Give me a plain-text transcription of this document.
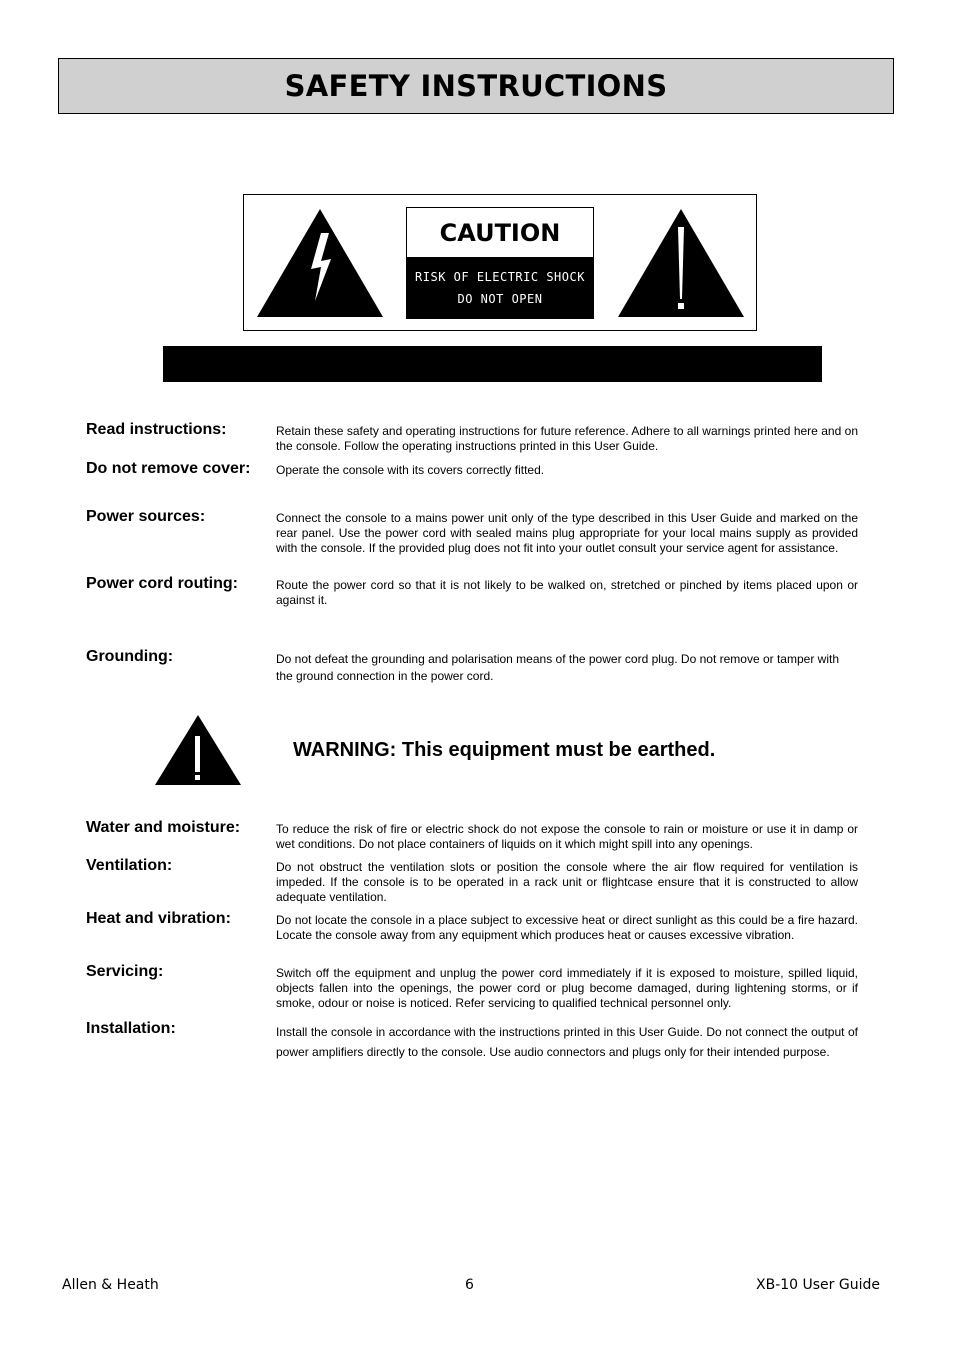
SAFETY INSTRUCTIONS
CAUTION
RISK OF ELECTRIC SHOCK
DO NOT OPEN
Read instructions:	Retain these safety and operating instructions for future reference. Adhere to all warnings printed here and on the console. Follow the operating instructions printed in this User Guide.
Do not remove cover: Operate the console with its covers correctly fitted.
Power sources:	Connect the console to a mains power unit only of the type described in this User Guide and marked on the rear panel. Use the power cord with sealed mains plug appropriate for your local mains supply as provided with the console. If the provided plug does not fit into your outlet consult your service agent for assistance.
Power cord routing:	Route the power cord so that it is not likely to be walked on, stretched or pinched by items placed upon or against it.
Grounding:	Do not defeat the grounding and polarisation means of the power cord plug. Do not remove or tamper with the ground connection in the power cord.
WARNING: This equipment must be earthed.
Water and moisture:	To reduce the risk of fire or electric shock do not expose the console to rain or moisture or use it in damp or wet conditions. Do not place containers of liquids on it which might spill into any openings.
Ventilation:	Do not obstruct the ventilation slots or position the console where the air flow required for ventilation is impeded. If the console is to be operated in a rack unit or flightcase ensure that it is constructed to allow adequate ventilation.
Heat and vibration:	Do not locate the console in a place subject to excessive heat or direct sunlight as this could be a fire hazard. Locate the console away from any equipment which produces heat or causes excessive vibration.
Servicing:	Switch off the equipment and unplug the power cord immediately if it is exposed to moisture, spilled liquid, objects fallen into the openings, the power cord or plug become damaged, during lightening storms, or if smoke, odour or noise is noticed. Refer servicing to qualified technical personnel only.
Installation:	Install the console in accordance with the instructions printed in this User Guide. Do not connect the output of power amplifiers directly to the console. Use audio connectors and plugs only for their intended purpose.
Allen & Heath	6	XB-10 User Guide
